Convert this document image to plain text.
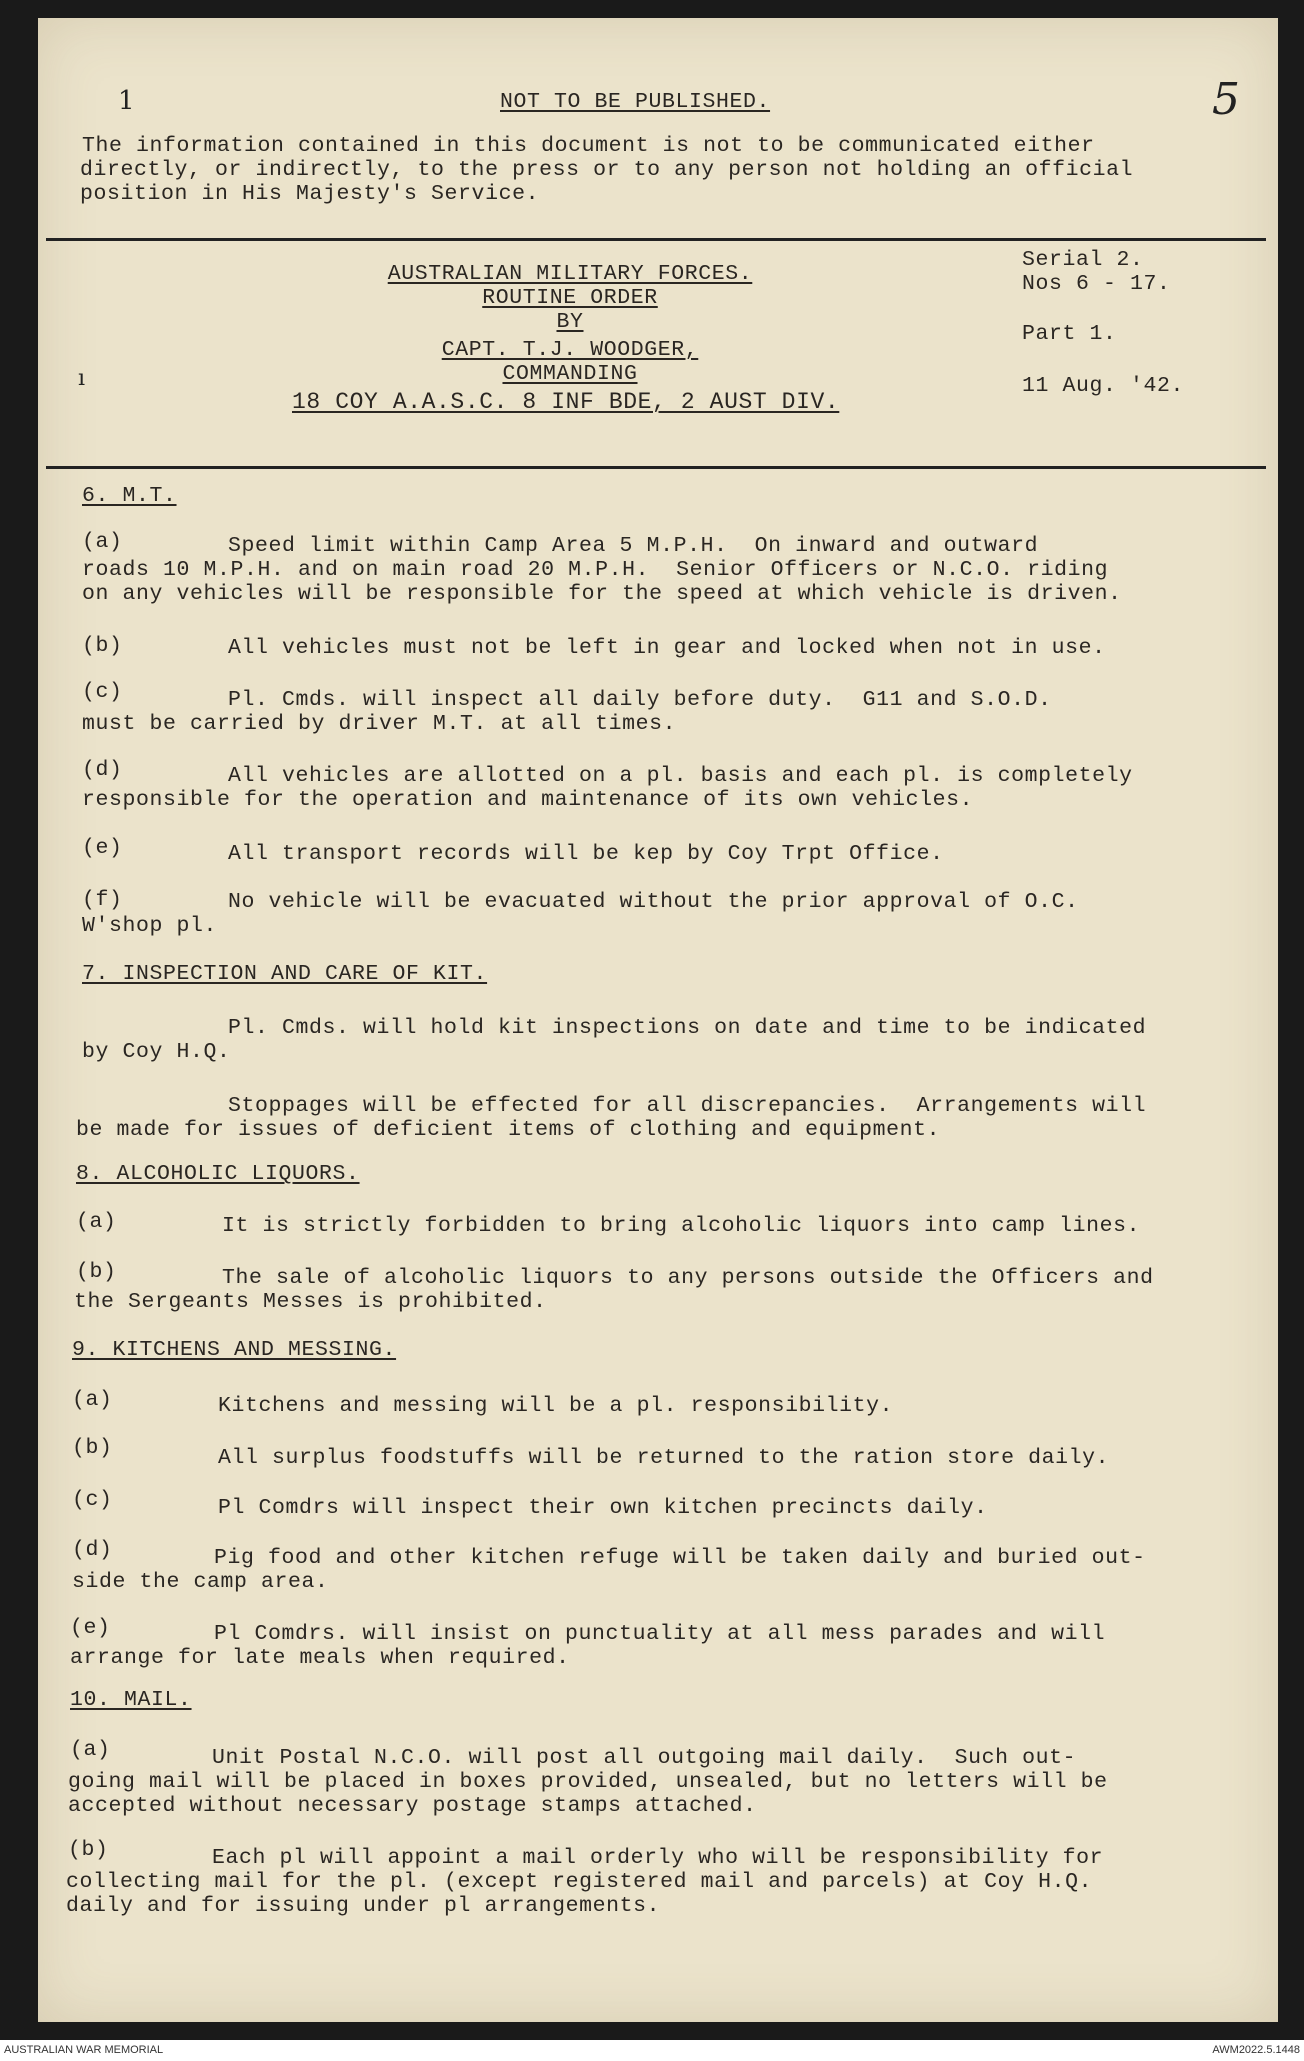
1	NOT TO BE PUBLISHED.	5
The information contained in this document is not to be communicated either
directly, or indirectly, to the press or to any person not holding an official
position in His Majesty's Service.
AUSTRALIAN MILITARY FORCES.
ROUTINE ORDER
BY
CAPT. T.J. WOODGER,
COMMANDING
18 COY A.A.S.C. 8 INF BDE, 2 AUST DIV.
Serial 2.
Nos 6 - 17.
Part 1.
11 Aug. '42.
ı
6. M.T.
(a)	Speed limit within Camp Area 5 M.P.H.  On inward and outward
roads 10 M.P.H. and on main road 20 M.P.H.  Senior Officers or N.C.O. riding
on any vehicles will be responsible for the speed at which vehicle is driven.
(b)	All vehicles must not be left in gear and locked when not in use.
(c)	Pl. Cmds. will inspect all daily before duty.  G11 and S.O.D.
must be carried by driver M.T. at all times.
(d)	All vehicles are allotted on a pl. basis and each pl. is completely
responsible for the operation and maintenance of its own vehicles.
(e)	All transport records will be kep by Coy Trpt Office.
(f)	No vehicle will be evacuated without the prior approval of O.C.
W'shop pl.
7. INSPECTION AND CARE OF KIT.
Pl. Cmds. will hold kit inspections on date and time to be indicated
by Coy H.Q.
Stoppages will be effected for all discrepancies.  Arrangements will
be made for issues of deficient items of clothing and equipment.
8. ALCOHOLIC LIQUORS.
(a)	It is strictly forbidden to bring alcoholic liquors into camp lines.
(b)	The sale of alcoholic liquors to any persons outside the Officers and
the Sergeants Messes is prohibited.
9. KITCHENS AND MESSING.
(a)	Kitchens and messing will be a pl. responsibility.
(b)	All surplus foodstuffs will be returned to the ration store daily.
(c)	Pl Comdrs will inspect their own kitchen precincts daily.
(d)	Pig food and other kitchen refuge will be taken daily and buried out-
side the camp area.
(e)	Pl Comdrs. will insist on punctuality at all mess parades and will
arrange for late meals when required.
10. MAIL.
(a)	Unit Postal N.C.O. will post all outgoing mail daily.  Such out-
going mail will be placed in boxes provided, unsealed, but no letters will be
accepted without necessary postage stamps attached.
(b)	Each pl will appoint a mail orderly who will be responsibility for
collecting mail for the pl. (except registered mail and parcels) at Coy H.Q.
daily and for issuing under pl arrangements.
AUSTRALIAN WAR MEMORIAL	AWM2022.5.1448
